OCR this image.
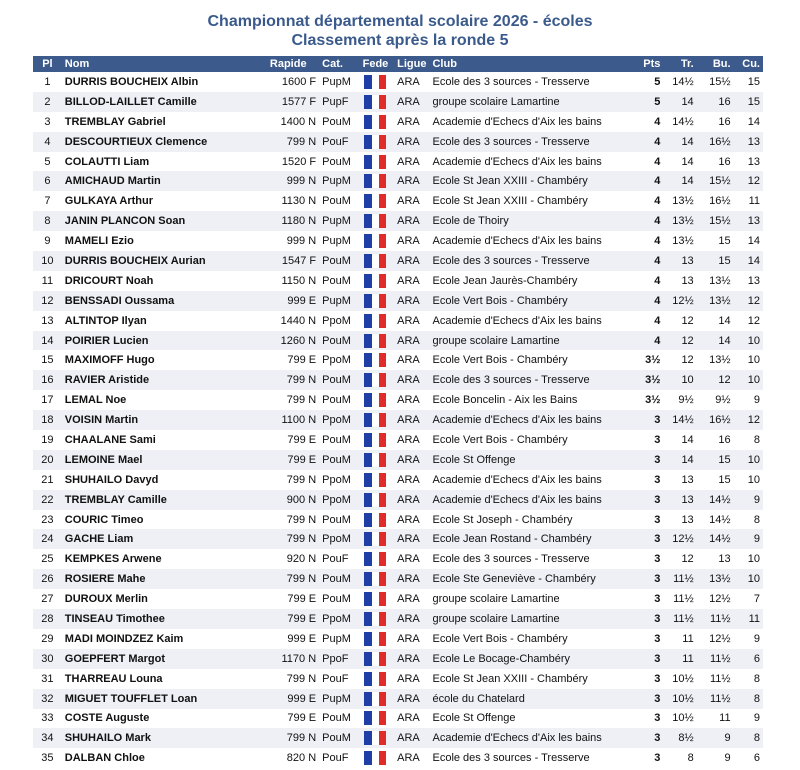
Championnat départemental scolaire 2026 - écoles
Classement après la ronde 5
Pl	Nom	Rapide	Cat.	Fede	Ligue	Club	Pts	Tr.	Bu.	Cu.
1	DURRIS BOUCHEIX Albin	1600 F	PupM		ARA	Ecole des 3 sources - Tresserve	5	14½	15½	15
2	BILLOD-LAILLET Camille	1577 F	PupF		ARA	groupe scolaire Lamartine	5	14	16	15
3	TREMBLAY Gabriel	1400 N	PouM		ARA	Academie d'Echecs d'Aix les bains	4	14½	16	14
4	DESCOURTIEUX Clemence	799 N	PouF		ARA	Ecole des 3 sources - Tresserve	4	14	16½	13
5	COLAUTTI Liam	1520 F	PouM		ARA	Academie d'Echecs d'Aix les bains	4	14	16	13
6	AMICHAUD Martin	999 N	PupM		ARA	Ecole St Jean XXIII - Chambéry	4	14	15½	12
7	GULKAYA Arthur	1130 N	PouM		ARA	Ecole St Jean XXIII - Chambéry	4	13½	16½	11
8	JANIN PLANCON Soan	1180 N	PupM		ARA	Ecole de Thoiry	4	13½	15½	13
9	MAMELI Ezio	999 N	PupM		ARA	Academie d'Echecs d'Aix les bains	4	13½	15	14
10	DURRIS BOUCHEIX Aurian	1547 F	PouM		ARA	Ecole des 3 sources - Tresserve	4	13	15	14
11	DRICOURT Noah	1150 N	PouM		ARA	Ecole Jean Jaurès-Chambéry	4	13	13½	13
12	BENSSADI Oussama	999 E	PupM		ARA	Ecole Vert Bois - Chambéry	4	12½	13½	12
13	ALTINTOP Ilyan	1440 N	PpoM		ARA	Academie d'Echecs d'Aix les bains	4	12	14	12
14	POIRIER Lucien	1260 N	PouM		ARA	groupe scolaire Lamartine	4	12	14	10
15	MAXIMOFF Hugo	799 E	PpoM		ARA	Ecole Vert Bois - Chambéry	3½	12	13½	10
16	RAVIER Aristide	799 N	PouM		ARA	Ecole des 3 sources - Tresserve	3½	10	12	10
17	LEMAL Noe	799 N	PouM		ARA	Ecole Boncelin - Aix les Bains	3½	9½	9½	9
18	VOISIN Martin	1100 N	PpoM		ARA	Academie d'Echecs d'Aix les bains	3	14½	16½	12
19	CHAALANE Sami	799 E	PouM		ARA	Ecole Vert Bois - Chambéry	3	14	16	8
20	LEMOINE Mael	799 E	PouM		ARA	Ecole St Offenge	3	14	15	10
21	SHUHAILO Davyd	799 N	PpoM		ARA	Academie d'Echecs d'Aix les bains	3	13	15	10
22	TREMBLAY Camille	900 N	PpoM		ARA	Academie d'Echecs d'Aix les bains	3	13	14½	9
23	COURIC Timeo	799 N	PouM		ARA	Ecole St Joseph - Chambéry	3	13	14½	8
24	GACHE Liam	799 N	PpoM		ARA	Ecole Jean Rostand - Chambéry	3	12½	14½	9
25	KEMPKES Arwene	920 N	PouF		ARA	Ecole des 3 sources - Tresserve	3	12	13	10
26	ROSIERE Mahe	799 N	PouM		ARA	Ecole Ste Geneviève - Chambéry	3	11½	13½	10
27	DUROUX Merlin	799 E	PouM		ARA	groupe scolaire Lamartine	3	11½	12½	7
28	TINSEAU Timothee	799 E	PpoM		ARA	groupe scolaire Lamartine	3	11½	11½	11
29	MADI MOINDZEZ Kaim	999 E	PupM		ARA	Ecole Vert Bois - Chambéry	3	11	12½	9
30	GOEPFERT Margot	1170 N	PpoF		ARA	Ecole Le Bocage-Chambéry	3	11	11½	6
31	THARREAU Louna	799 N	PouF		ARA	Ecole St Jean XXIII - Chambéry	3	10½	11½	8
32	MIGUET TOUFFLET Loan	999 E	PupM		ARA	école du Chatelard	3	10½	11½	8
33	COSTE Auguste	799 E	PouM		ARA	Ecole St Offenge	3	10½	11	9
34	SHUHAILO Mark	799 N	PouM		ARA	Academie d'Echecs d'Aix les bains	3	8½	9	8
35	DALBAN Chloe	820 N	PouF		ARA	Ecole des 3 sources - Tresserve	3	8	9	6
